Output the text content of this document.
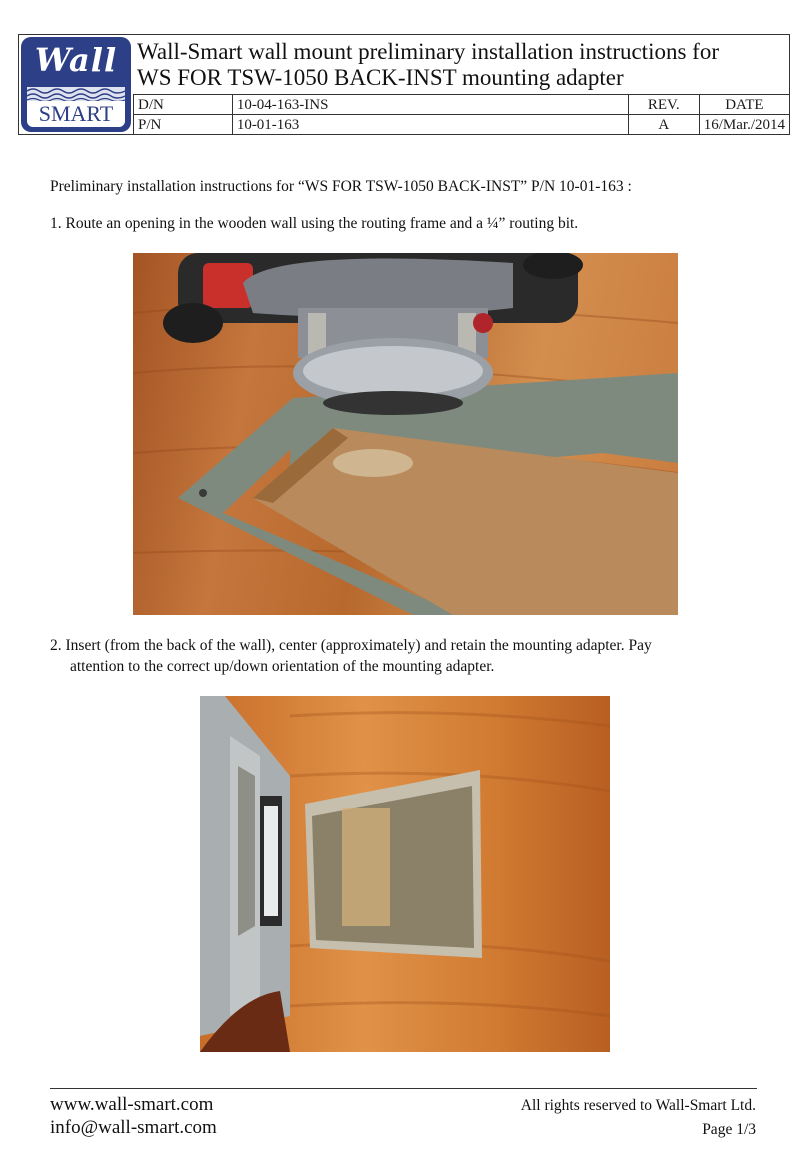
Wall
SMART
Wall-Smart wall mount preliminary installation instructions for
WS FOR TSW-1050 BACK-INST mounting adapter
D/N	10-04-163-INS	REV.	DATE
P/N	10-01-163	A	16/Mar./2014
Preliminary installation instructions for “WS FOR TSW-1050 BACK-INST” P/N 10-01-163 :
1. Route an opening in the wooden wall using the routing frame and a ¼” routing bit.
2. Insert (from the back of the wall), center (approximately) and retain the mounting adapter. Pay
attention to the correct up/down orientation of the mounting adapter.
www.wall-smart.com
info@wall-smart.com
All rights reserved to Wall-Smart Ltd.
Page 1/3
